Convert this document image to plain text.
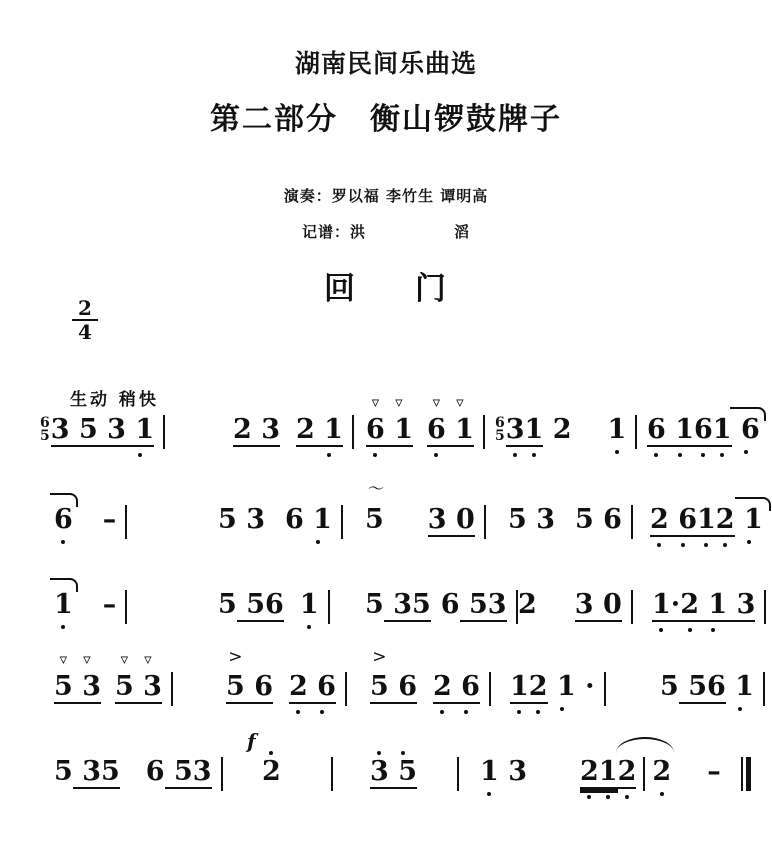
湖南民间乐曲选
第二部分　衡山锣鼓牌子
演奏：罗以福 李竹生 谭明高
记谱：洪	滔
回 门
$\frac{2}{4}$
生动 稍快
6
53 5 3 1	2 3 2 1 6
▿
1
▿
6
▿
1
▿
6
53
1
2 1 6
1
6
1
6
6 –	5 3 6 1	5
〜
3 0	5 3 5 6	2
6
1
2
1
1 –	5 56 1	5 35 6 53 2 3 0	1
·2
1
3
5
▿
3
▿
5
▿
3
▿
5
>
6 2
6	5
>
6 2
6	1
2
1
·	5 56 1
5 35 6 53
f
2	3
5	1
3 2
1
2 2 –
